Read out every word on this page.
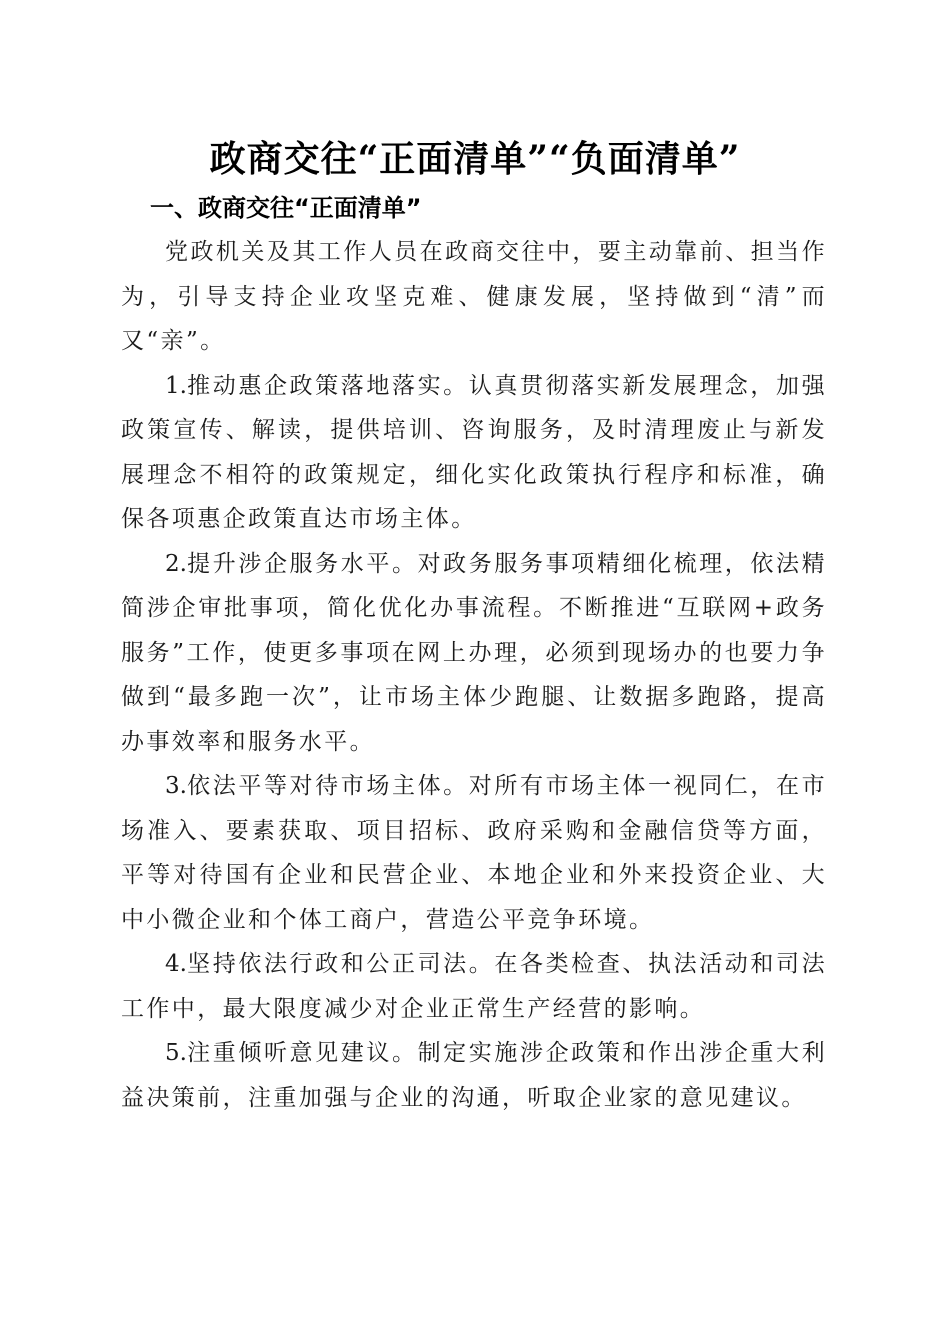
政商交往“正面清单”“负面清单”
一、政商交往“正面清单”

党政机关及其工作人员在政商交往中，要主动靠前、担当作为，引导支持企业攻坚克难、健康发展，坚持做到“清”而又“亲”。

1.推动惠企政策落地落实。认真贯彻落实新发展理念，加强政策宣传、解读，提供培训、咨询服务，及时清理废止与新发展理念不相符的政策规定，细化实化政策执行程序和标准，确保各项惠企政策直达市场主体。

2.提升涉企服务水平。对政务服务事项精细化梳理，依法精简涉企审批事项，简化优化办事流程。不断推进“互联网+政务服务”工作，使更多事项在网上办理，必须到现场办的也要力争做到“最多跑一次”，让市场主体少跑腿、让数据多跑路，提高办事效率和服务水平。

3.依法平等对待市场主体。对所有市场主体一视同仁，在市场准入、要素获取、项目招标、政府采购和金融信贷等方面，平等对待国有企业和民营企业、本地企业和外来投资企业、大中小微企业和个体工商户，营造公平竞争环境。

4.坚持依法行政和公正司法。在各类检查、执法活动和司法工作中，最大限度减少对企业正常生产经营的影响。

5.注重倾听意见建议。制定实施涉企政策和作出涉企重大利益决策前，注重加强与企业的沟通，听取企业家的意见建议。
